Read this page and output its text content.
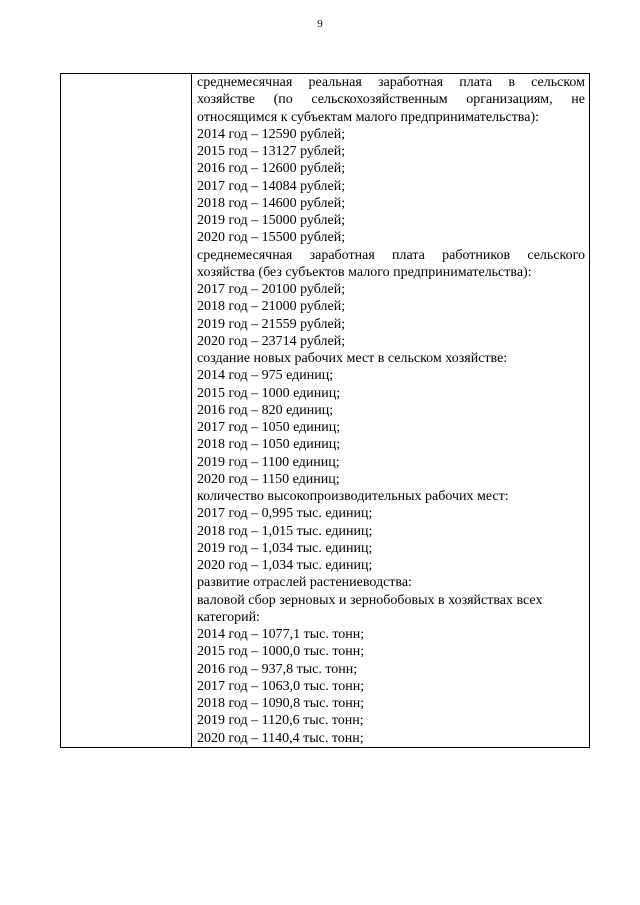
9

среднемесячная реальная заработная плата в сельском
хозяйстве (по сельскохозяйственным организациям, не
относящимся к субъектам малого предпринимательства):
2014 год – 12590 рублей;
2015 год – 13127 рублей;
2016 год – 12600 рублей;
2017 год – 14084 рублей;
2018 год – 14600 рублей;
2019 год – 15000 рублей;
2020 год – 15500 рублей;
среднемесячная заработная плата работников сельского
хозяйства (без субъектов малого предпринимательства):
2017 год – 20100 рублей;
2018 год – 21000 рублей;
2019 год – 21559 рублей;
2020 год – 23714 рублей;
создание новых рабочих мест в сельском хозяйстве:
2014 год – 975 единиц;
2015 год – 1000 единиц;
2016 год – 820 единиц;
2017 год – 1050 единиц;
2018 год – 1050 единиц;
2019 год – 1100 единиц;
2020 год – 1150 единиц;
количество высокопроизводительных рабочих мест:
2017 год – 0,995 тыс. единиц;
2018 год – 1,015 тыс. единиц;
2019 год – 1,034 тыс. единиц;
2020 год – 1,034 тыс. единиц;
развитие отраслей растениеводства:
валовой сбор зерновых и зернобобовых в хозяйствах всех
категорий:
2014 год – 1077,1 тыс. тонн;
2015 год – 1000,0 тыс. тонн;
2016 год – 937,8 тыс. тонн;
2017 год – 1063,0 тыс. тонн;
2018 год – 1090,8 тыс. тонн;
2019 год – 1120,6 тыс. тонн;
2020 год – 1140,4 тыс. тонн;
